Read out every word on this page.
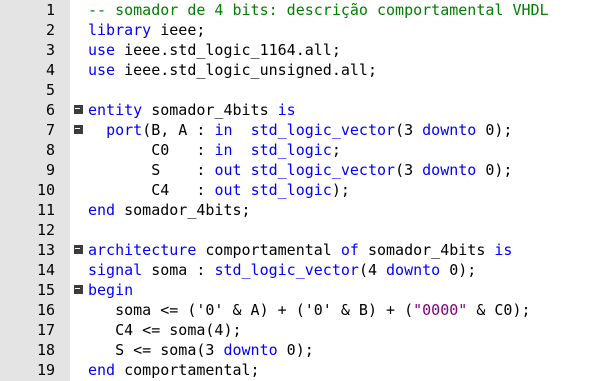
1 -- somador de 4 bits: descrição comportamental VHDL
2 library ieee;
3 use ieee.std_logic_1164.all;
4 use ieee.std_logic_unsigned.all;
5
6 entity somador_4bits is
7	port(B, A : in std_logic_vector(3 downto 0);
8 C0   : in std_logic;
9 S    : out std_logic_vector(3 downto 0);
10 C4   : out std_logic);
11 end somador_4bits;
12
13 architecture comportamental of somador_4bits is
14 signal soma : std_logic_vector(4 downto 0);
15 begin
16 soma <= ('0' & A) + ('0' & B) + ("0000" & C0);
17 C4 <= soma(4);
18 S <= soma(3 downto 0);
19 end comportamental;
